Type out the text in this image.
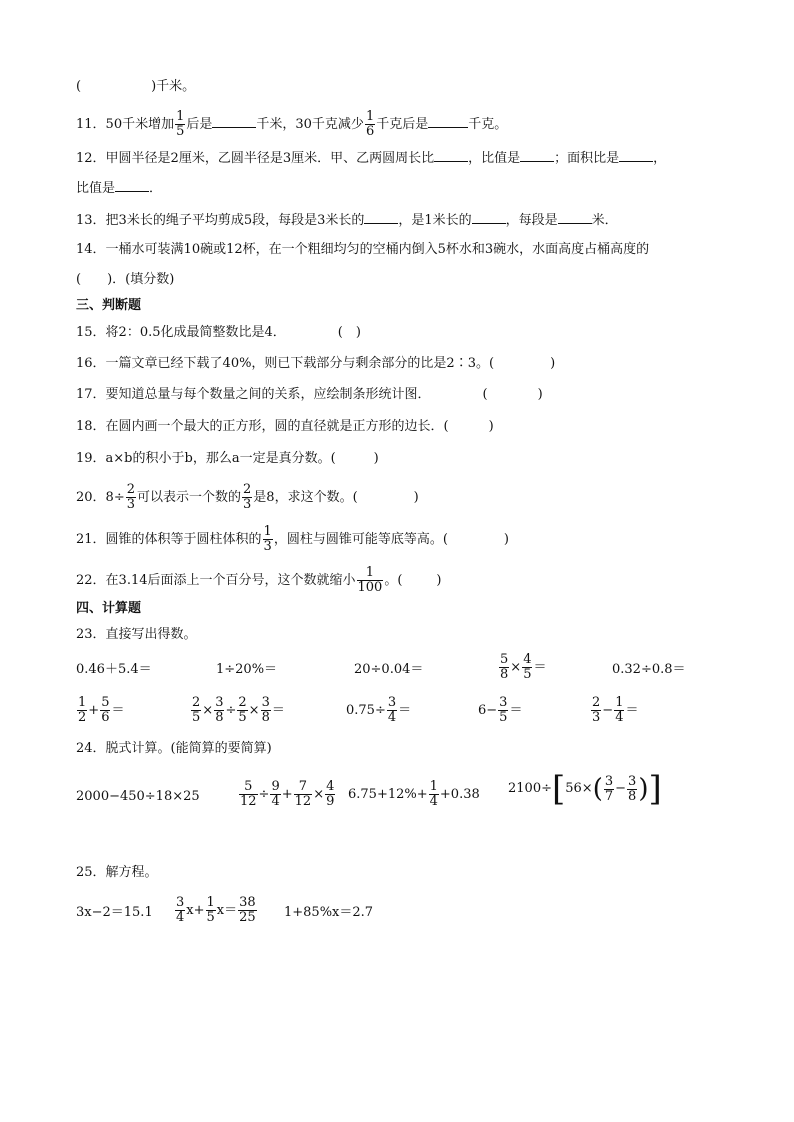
(	)千米。
11．50千米增加 $\frac{1}{5}$ 后是	千米，30千克减少 $\frac{1}{6}$ 千克后是	千克。
12．甲圆半径是2厘米，乙圆半径是3厘米．甲、乙两圆周长比	，比值是	；面积比是	，
比值是	．
13．把3米长的绳子平均剪成5段，每段是3米长的	，是1米长的	，每段是	米．
14．一桶水可装满10碗或12杯，在一个粗细均匀的空桶内倒入5杯水和3碗水，水面高度占桶高度的
(　　)．(填分数)
三、判断题
15．将2：0.5化成最简整数比是4．	(　)
16．一篇文章已经下载了40%，则已下载部分与剩余部分的比是2∶3。(	)
17．要知道总量与每个数量之间的关系，应绘制条形统计图．	(	)
18．在圆内画一个最大的正方形，圆的直径就是正方形的边长．(	)
19．a×b的积小于b，那么a一定是真分数。(	)
20．$8\div \frac{2}{3}$ 可以表示一个数的 $\frac{2}{3}$ 是8，求这个数。(	)
21．圆锥的体积等于圆柱体积的 $\frac{1}{3}$ ，圆柱与圆锥可能等底等高。(	)
22．在3.14后面添上一个百分号，这个数就缩小 $\frac{1}{100}$ 。(	)
四、计算题
23．直接写出得数。
0.46＋5.4＝	1÷20%＝	20÷0.04＝	$\frac{5}{8} \times \frac{4}{5}$ ＝	0.32÷0.8＝
$\frac{1}{2} + \frac{5}{6}$ ＝	$\frac{2}{5} \times \frac{3}{8} \div \frac{2}{5} \times \frac{3}{8}$ ＝	$0.75\div \frac{3}{4}$ ＝	$6- \frac{3}{5}$ ＝	$\frac{2}{3} - \frac{1}{4}$ ＝
24．脱式计算。(能简算的要简算)
2000−450÷18×25	$\frac{5}{12} \div \frac{9}{4} + \frac{7}{12} \times \frac{4}{9} 6.75+12\%+ \frac{1}{4} +0.38$ $2100\div[56\times( \frac{3}{7} - \frac{3}{8}$ )]
25．解方程。
$3x-2=15.1 \frac{3}{4} x+ \frac{1}{5} x= \frac{38}{25} 1+85\%x=2.7$
